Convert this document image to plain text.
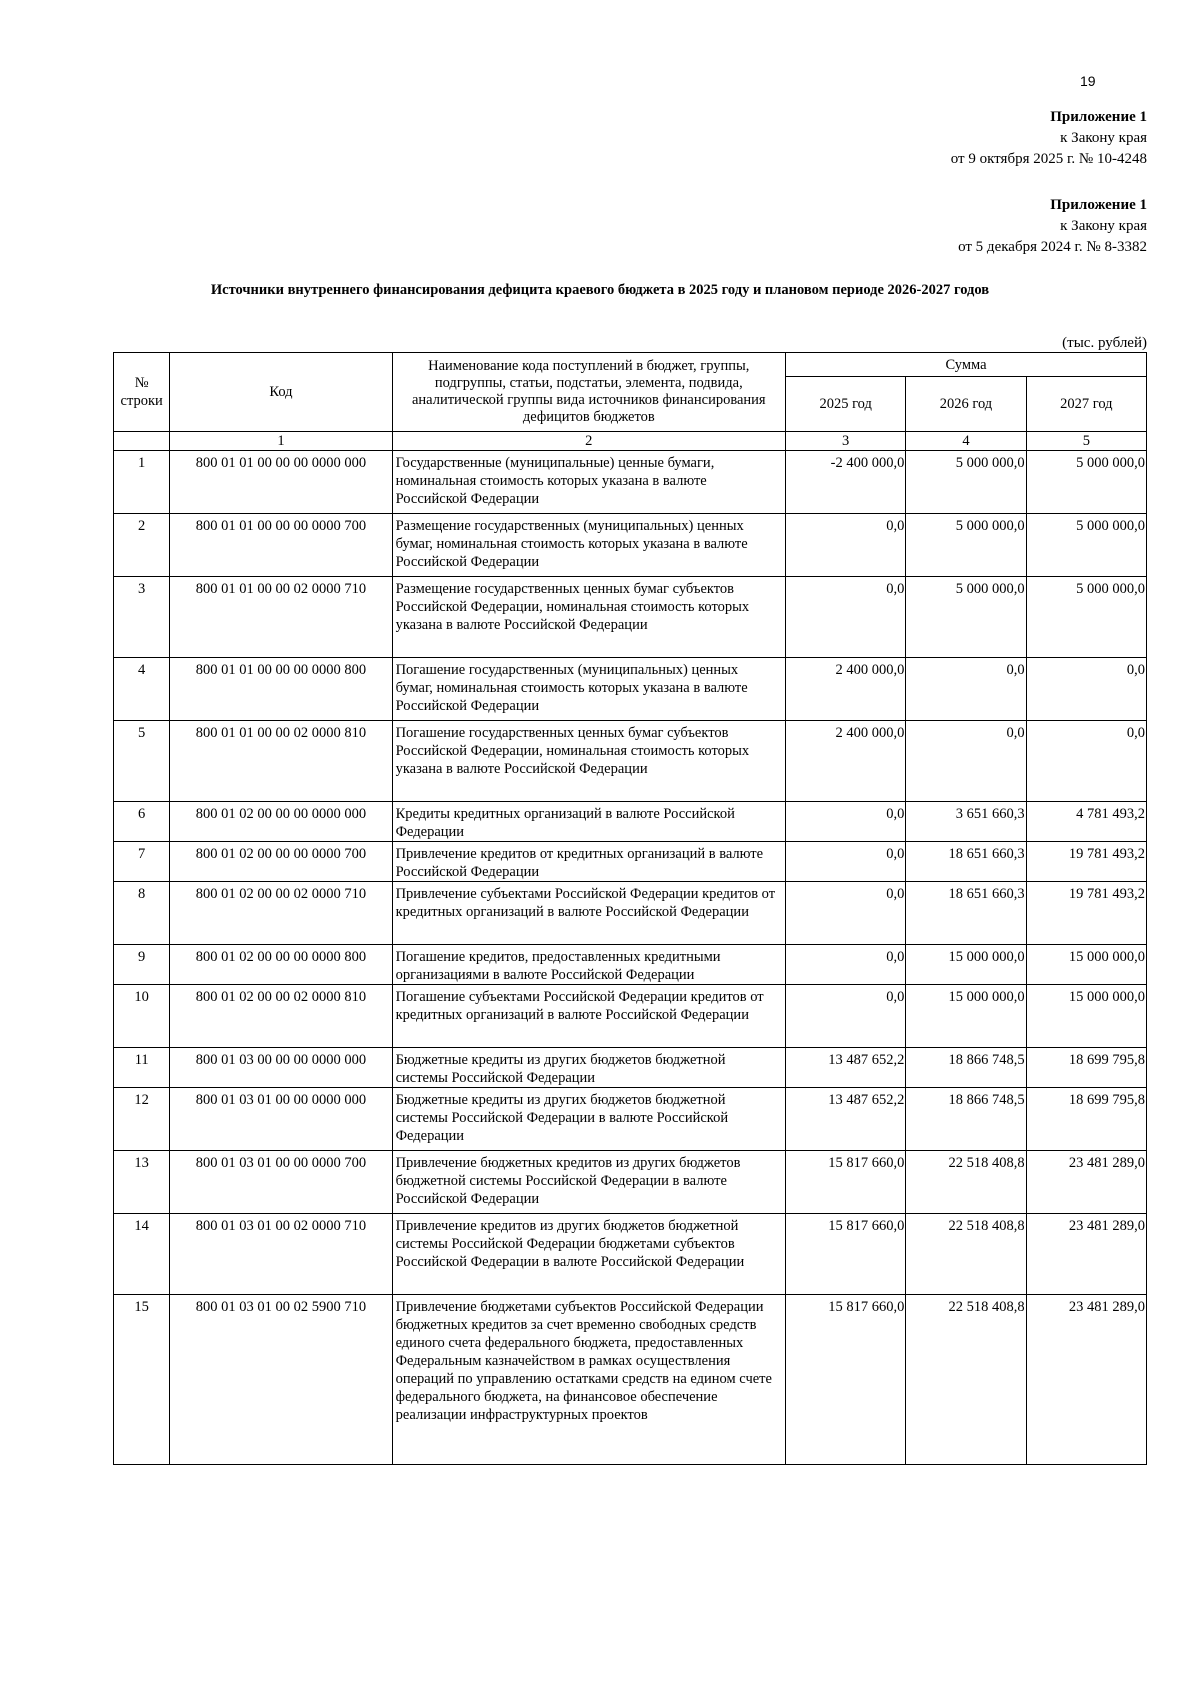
19
Приложение 1
к Закону края
от 9 октября 2025 г. № 10-4248
Приложение 1
к Закону края
от 5 декабря 2024 г. № 8-3382
Источники внутреннего финансирования дефицита краевого бюджета в 2025 году и плановом периоде 2026-2027 годов
(тыс. рублей)
№ строки	Код	Наименование кода поступлений в бюджет, группы, подгруппы, статьи, подстатьи, элемента, подвида, аналитической группы вида источников финансирования дефицитов бюджетов	Сумма		
			2025 год	2026 год	2027 год
	1	2	3	4	5
1	800 01 01 00 00 00 0000 000	Государственные (муниципальные) ценные бумаги, номинальная стоимость которых указана в валюте Российской Федерации	-2 400 000,0	5 000 000,0	5 000 000,0
2	800 01 01 00 00 00 0000 700	Размещение государственных (муниципальных) ценных бумаг, номинальная стоимость которых указана в валюте Российской Федерации	0,0	5 000 000,0	5 000 000,0
3	800 01 01 00 00 02 0000 710	Размещение государственных ценных бумаг субъектов Российской Федерации, номинальная стоимость которых указана в валюте Российской Федерации	0,0	5 000 000,0	5 000 000,0
4	800 01 01 00 00 00 0000 800	Погашение государственных (муниципальных) ценных бумаг, номинальная стоимость которых указана в валюте Российской Федерации	2 400 000,0	0,0	0,0
5	800 01 01 00 00 02 0000 810	Погашение государственных ценных бумаг субъектов Российской Федерации, номинальная стоимость которых указана в валюте Российской Федерации	2 400 000,0	0,0	0,0
6	800 01 02 00 00 00 0000 000	Кредиты кредитных организаций в валюте Российской Федерации	0,0	3 651 660,3	4 781 493,2
7	800 01 02 00 00 00 0000 700	Привлечение кредитов от кредитных организаций в валюте Российской Федерации	0,0	18 651 660,3	19 781 493,2
8	800 01 02 00 00 02 0000 710	Привлечение субъектами Российской Федерации кредитов от кредитных организаций в валюте Российской Федерации	0,0	18 651 660,3	19 781 493,2
9	800 01 02 00 00 00 0000 800	Погашение кредитов, предоставленных кредитными организациями в валюте Российской Федерации	0,0	15 000 000,0	15 000 000,0
10	800 01 02 00 00 02 0000 810	Погашение субъектами Российской Федерации кредитов от кредитных организаций в валюте Российской Федерации	0,0	15 000 000,0	15 000 000,0
11	800 01 03 00 00 00 0000 000	Бюджетные кредиты из других бюджетов бюджетной системы Российской Федерации	13 487 652,2	18 866 748,5	18 699 795,8
12	800 01 03 01 00 00 0000 000	Бюджетные кредиты из других бюджетов бюджетной системы Российской Федерации в валюте Российской Федерации	13 487 652,2	18 866 748,5	18 699 795,8
13	800 01 03 01 00 00 0000 700	Привлечение бюджетных кредитов из других бюджетов бюджетной системы Российской Федерации в валюте Российской Федерации	15 817 660,0	22 518 408,8	23 481 289,0
14	800 01 03 01 00 02 0000 710	Привлечение кредитов из других бюджетов бюджетной системы Российской Федерации бюджетами субъектов Российской Федерации в валюте Российской Федерации	15 817 660,0	22 518 408,8	23 481 289,0
15	800 01 03 01 00 02 5900 710	Привлечение бюджетами субъектов Российской Федерации бюджетных кредитов за счет временно свободных средств единого счета федерального бюджета, предоставленных Федеральным казначейством в рамках осуществления операций по управлению остатками средств на едином счете федерального бюджета, на финансовое обеспечение реализации инфраструктурных проектов	15 817 660,0	22 518 408,8	23 481 289,0
